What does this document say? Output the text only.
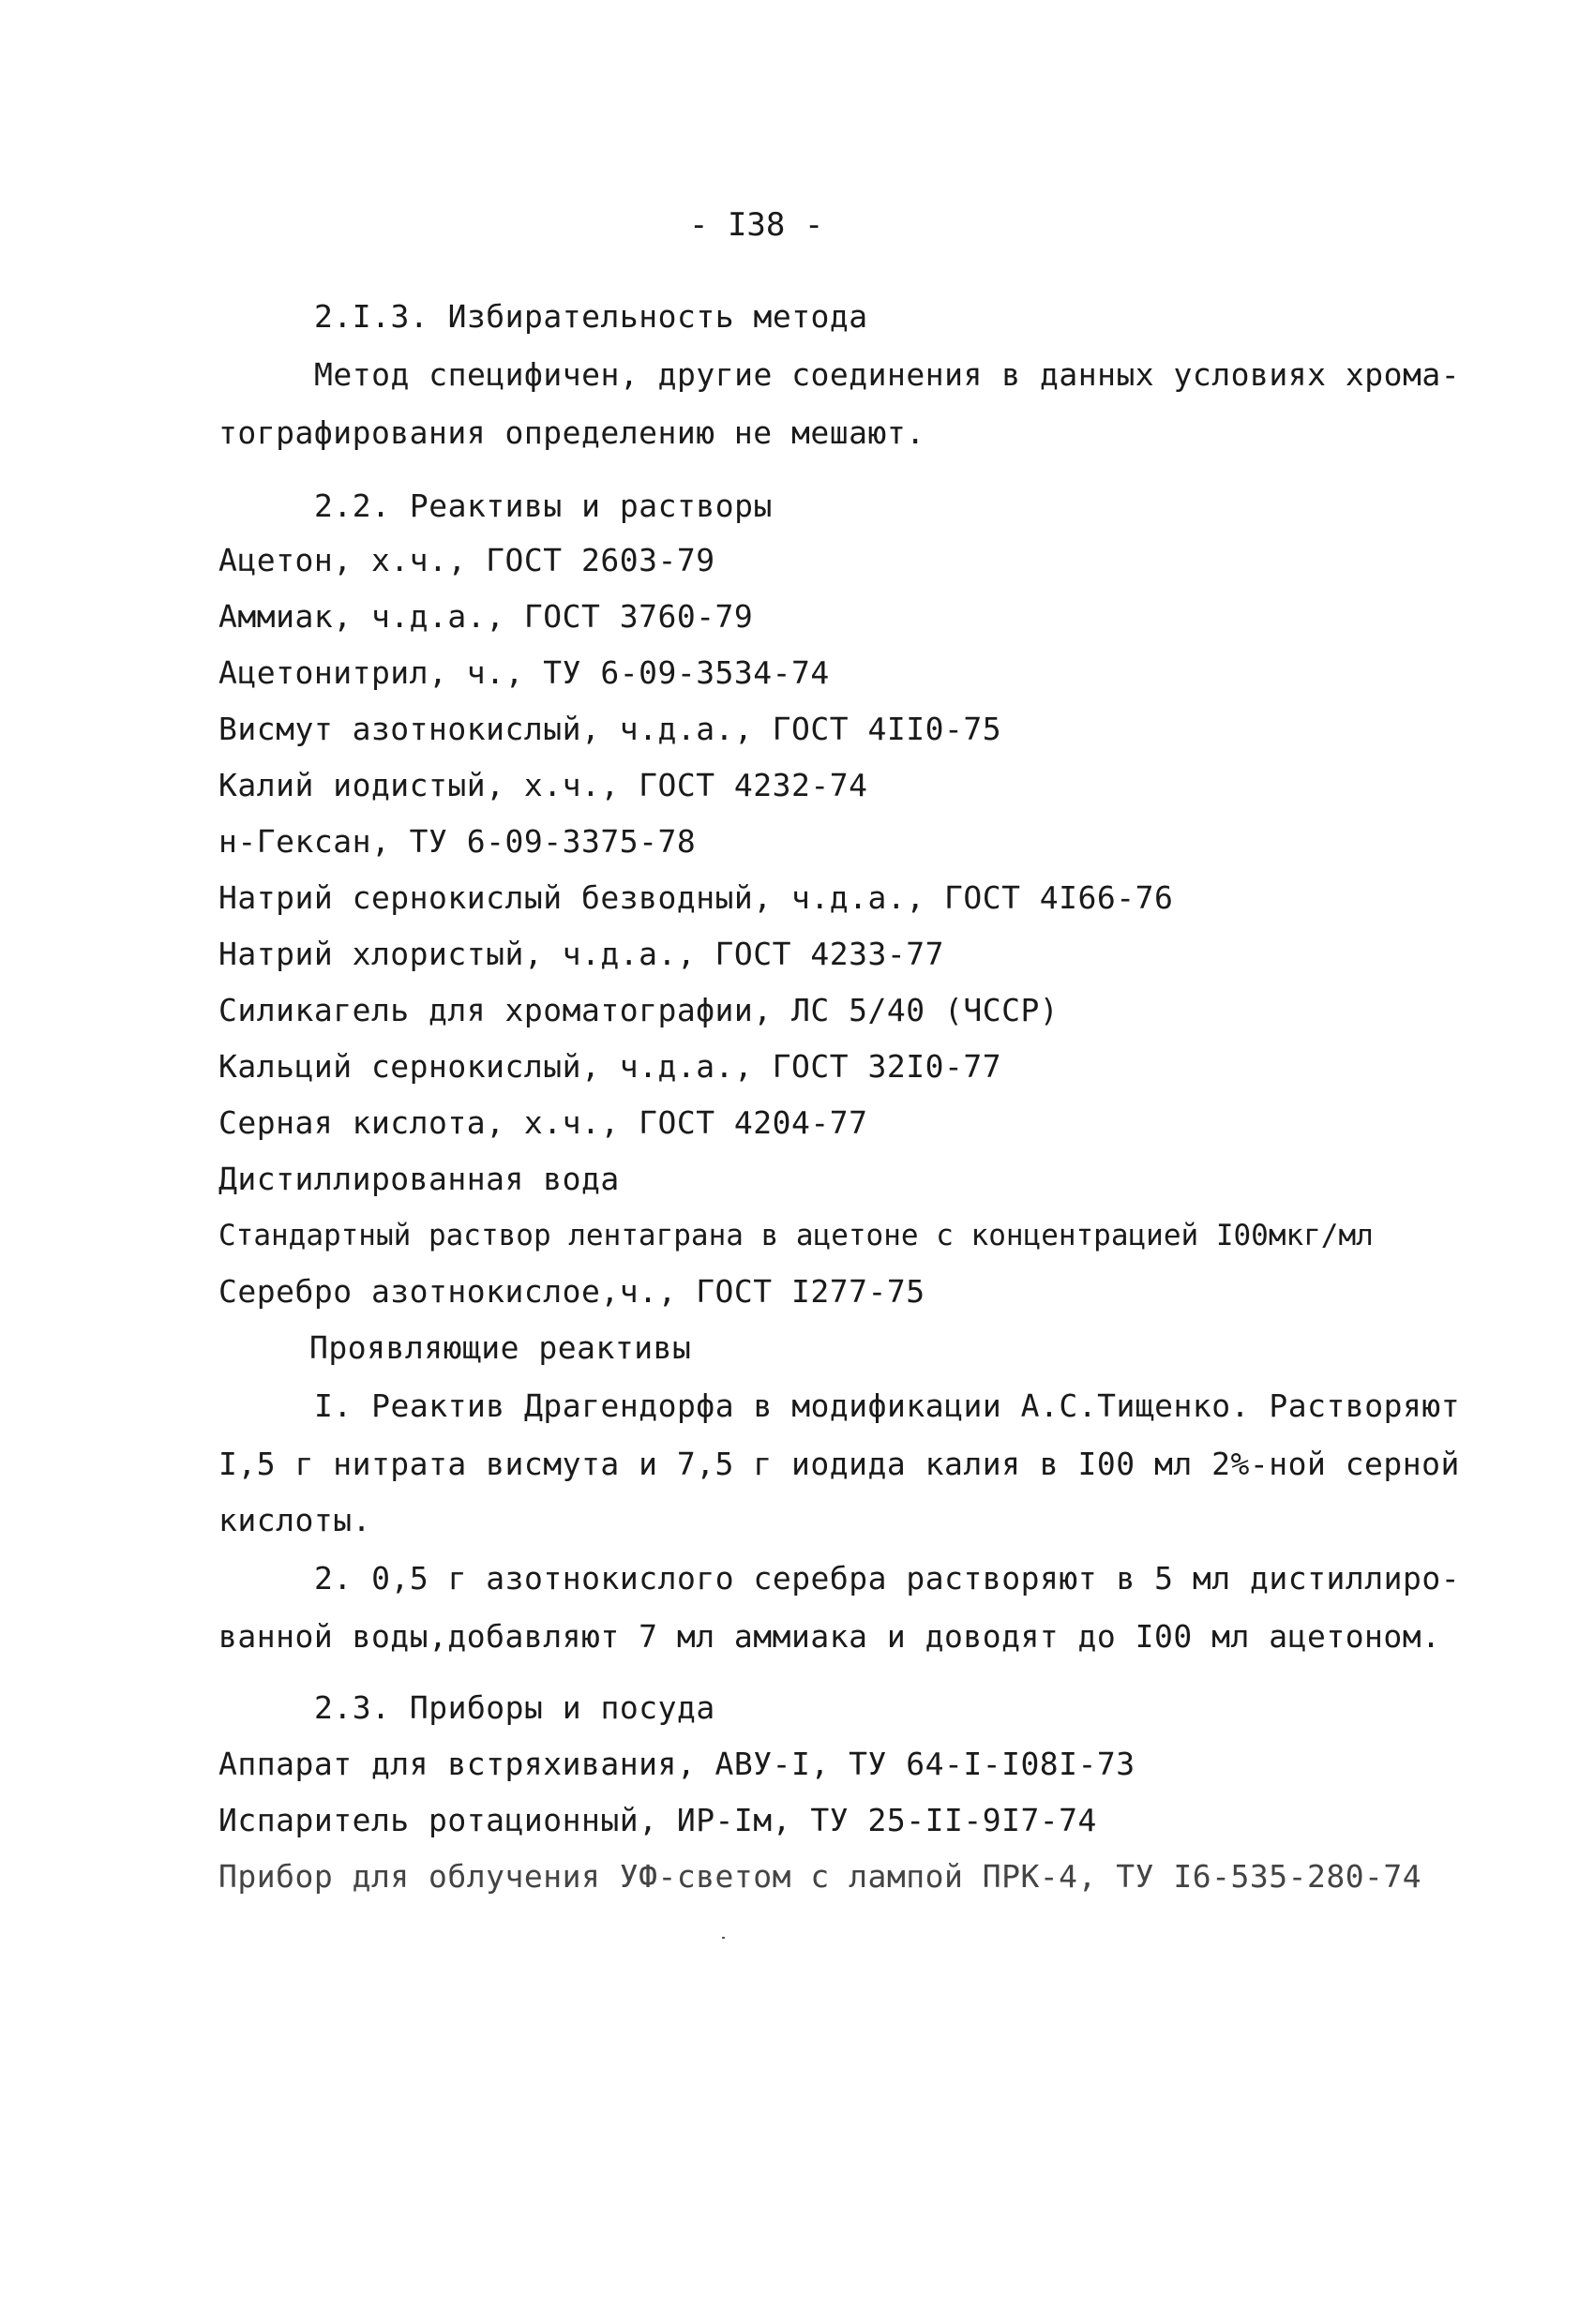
- I38 -
2.I.3. Избирательность метода
Метод специфичен, другие соединения в данных условиях хрома-
тографирования определению не мешают.
2.2. Реактивы и растворы
Ацетон, х.ч., ГОСТ 2603-79
Аммиак, ч.д.а., ГОСТ 3760-79
Ацетонитрил, ч., ТУ 6-09-3534-74
Висмут азотнокислый, ч.д.а., ГОСТ 4II0-75
Калий иодистый, х.ч., ГОСТ 4232-74
н-Гексан, ТУ 6-09-3375-78
Натрий сернокислый безводный, ч.д.а., ГОСТ 4I66-76
Натрий хлористый, ч.д.а., ГОСТ 4233-77
Силикагель для хроматографии, ЛС 5/40 (ЧССР)
Кальций сернокислый, ч.д.а., ГОСТ 32I0-77
Серная кислота, х.ч., ГОСТ 4204-77
Дистиллированная вода
Стандартный раствор лентаграна в ацетоне с концентрацией I00мкг/мл
Серебро азотнокислое,ч., ГОСТ I277-75
Проявляющие реактивы
I. Реактив Драгендорфа в модификации А.С.Тищенко. Растворяют
I,5 г нитрата висмута и 7,5 г иодида калия в I00 мл 2%-ной серной
кислоты.
2. 0,5 г азотнокислого серебра растворяют в 5 мл дистиллиро-
ванной воды,добавляют 7 мл аммиака и доводят до I00 мл ацетоном.
2.3. Приборы и посуда
Аппарат для встряхивания, АВУ-I, ТУ 64-I-I08I-73
Испаритель ротационный, ИР-Iм, ТУ 25-II-9I7-74
Прибор для облучения УФ-светом с лампой ПРК-4, ТУ I6-535-280-74
